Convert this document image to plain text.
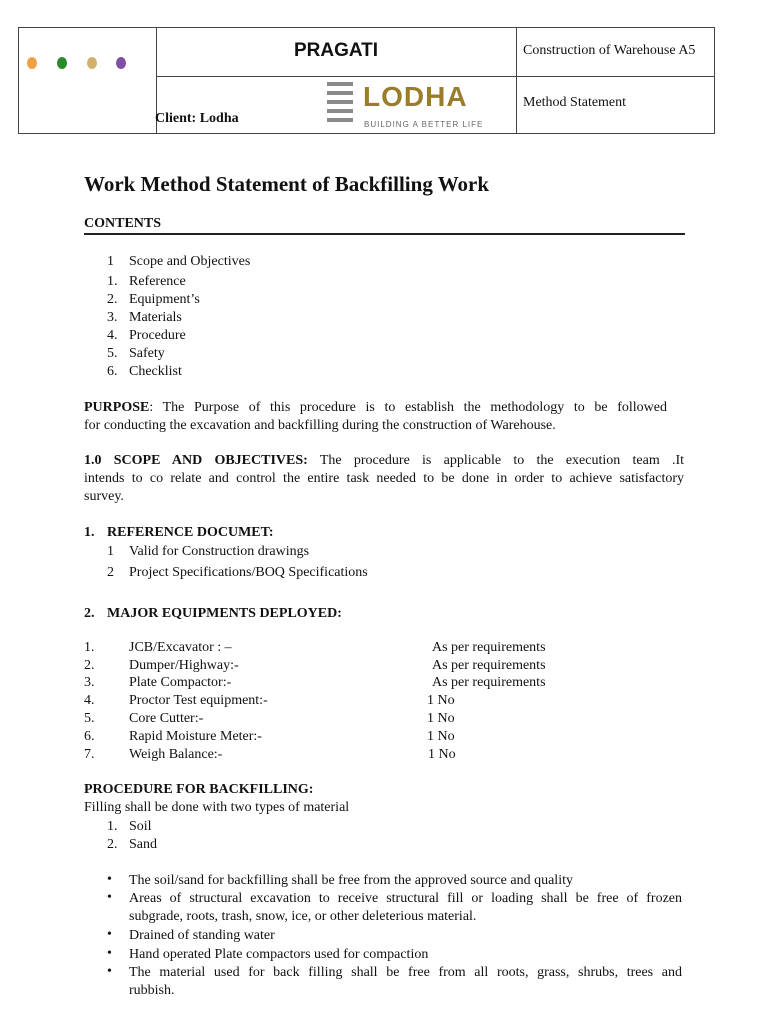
PRAGATI
LODHA
BUILDING A BETTER LIFE
Construction of Warehouse A5
Method Statement
Client: Lodha
Work Method Statement of Backfilling Work
CONTENTS
1 Scope and Objectives
1. Reference
2. Equipment’s
3. Materials
4. Procedure
5. Safety
6. Checklist
PURPOSE: The Purpose of this procedure is to establish the methodology to be followed
for conducting the excavation and backfilling during the construction of Warehouse.
1.0 SCOPE AND OBJECTIVES: The procedure is applicable to the execution team .It
intends to co relate and control the entire task needed to be done in order to achieve satisfactory
survey.
1. REFERENCE DOCUMET:
1 Valid for Construction drawings
2 Project Specifications/BOQ Specifications
2. MAJOR EQUIPMENTS DEPLOYED:
1. JCB/Excavator : –	As per requirements
2. Dumper/Highway:-	As per requirements
3. Plate Compactor:-	As per requirements
4. Proctor Test equipment:-	1 No
5. Core Cutter:-	1 No
6. Rapid Moisture Meter:-	1 No
7. Weigh Balance:-	1 No
PROCEDURE FOR BACKFILLING:
Filling shall be done with two types of material
1. Soil
2. Sand
• The soil/sand for backfilling shall be free from the approved source and quality
• Areas of structural excavation to receive structural fill or loading shall be free of frozen
subgrade, roots, trash, snow, ice, or other deleterious material.
• Drained of standing water
• Hand operated Plate compactors used for compaction
• The material used for back filling shall be free from all roots, grass, shrubs, trees and
rubbish.
